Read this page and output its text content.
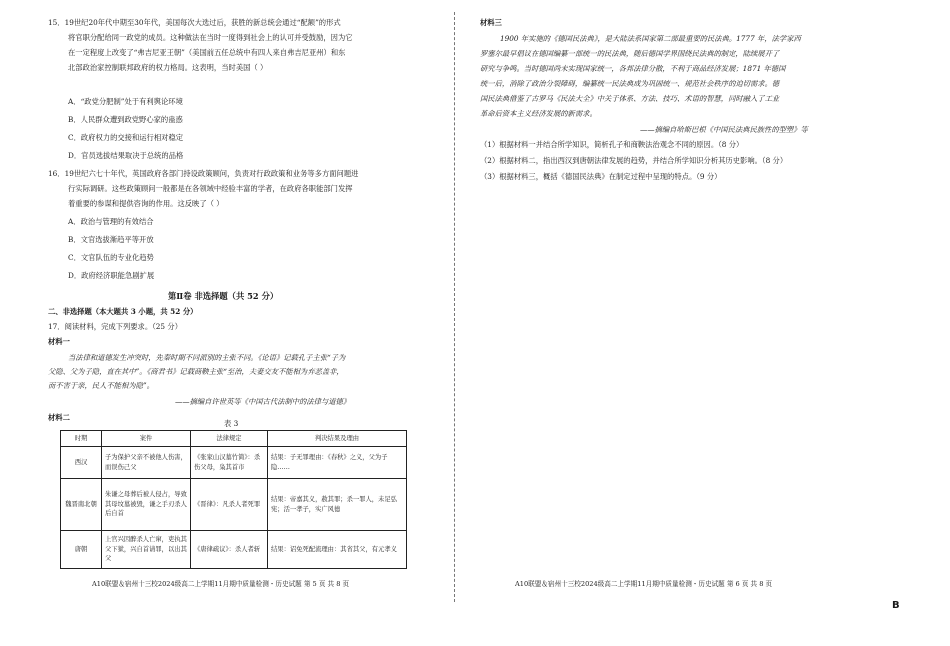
15．19世纪20年代中期至30年代，美国每次大选过后，获胜的新总统会通过“配额”的形式
将官职分配给同一政党的成员。这种做法在当时一度得到社会上的认可并受鼓励，因为它
在一定程度上改变了“弗吉尼亚王朝”（美国前五任总统中有四人来自弗吉尼亚州）和东
北部政治家控制联邦政府的权力格局。这表明，当时美国（ ）
A．“政党分肥制”处于有利舆论环境
B．人民群众遭到政党野心家的蛊惑
C．政府权力的交接和运行相对稳定
D．官员选拔结果取决于总统的品格
16．19世纪六七十年代，英国政府各部门持设政策顾问，负责对行政政策和业务等多方面问题进
行实际调研。这些政策顾问一般都是在各领域中经验丰富的学者，在政府各职能部门发挥
着重要的参谋和提供咨询的作用。这反映了（ ）
A．政治与管理的有效结合
B．文官选拔渐趋平等开放
C．文官队伍的专业化趋势
D．政府经济职能急剧扩展
第Ⅱ卷 非选择题（共 52 分）
二、非选择题（本大题共 3 小题，共 52 分）
17．阅读材料，完成下列要求。（25 分）
材料一
当法律和道德发生冲突时，先秦时期不同派别的主张不同。《论语》记载孔子主张“子为
父隐、父为子隐，直在其中”。《商君书》记载商鞅主张“至治，夫妻交友不能相为弃恶盖非，
而不害于亲，民人不能相为隐”。
——摘编自许世英等《中国古代法制中的法律与道德》
材料二
表 3
时期	案件	法律规定	判决结果及理由
西汉	子为保护父亲不被他人伤害，而误伤己父	《张家山汉墓竹简》：杀伤父母，枭其首市	结果：子无罪理由：《春秋》之义，父为子隐……
魏晋南北朝	朱谦之母葬后被人侵占，导致其母坟墓被毁，谦之手刃杀人后自首	《晋律》：凡杀人者死罪	结果：帝嘉其义，赦其罪；杀一罪人，未足弘宪；活一孝子，实广风德
唐朝	上官兴因醉杀人亡窜，吏执其父下狱，兴自首请罪，以出其父	《唐律疏议》：杀人者斩	结果：诏免死配流理由：其省其父，有元孝义
A10联盟＆宿州十三校2024级高二上学期11月期中质量检测・历史试题 第 5 页 共 8 页
材料三
1900 年实施的《德国民法典》，是大陆法系国家第二部最重要的民法典。1777 年，法学家西
罗塞尔最早倡议在德国编纂一部统一的民法典，随后德国学界围绕民法典的制定，陆续展开了
研究与争鸣。当时德国尚未实现国家统一，各邦法律分散，不利于商品经济发展；1871 年德国
统一后，消除了政治分裂障碍，编纂统一民法典成为巩固统一、规范社会秩序的迫切需求。德
国民法典借鉴了古罗马《民法大全》中关于体系、方法、技巧、术语的智慧，同时融入了工业
革命后资本主义经济发展的新需求。
——摘编自哈斯巴根《中国民法典民族性的型塑》等
（1）根据材料一并结合所学知识，简析孔子和商鞅法治观念不同的原因。（8 分）
（2）根据材料二，指出西汉到唐朝法律发展的趋势，并结合所学知识分析其历史影响。（8 分）
（3）根据材料三，概括《德国民法典》在制定过程中呈现的特点。（9 分）
A10联盟＆宿州十三校2024级高二上学期11月期中质量检测・历史试题 第 6 页 共 8 页
B
